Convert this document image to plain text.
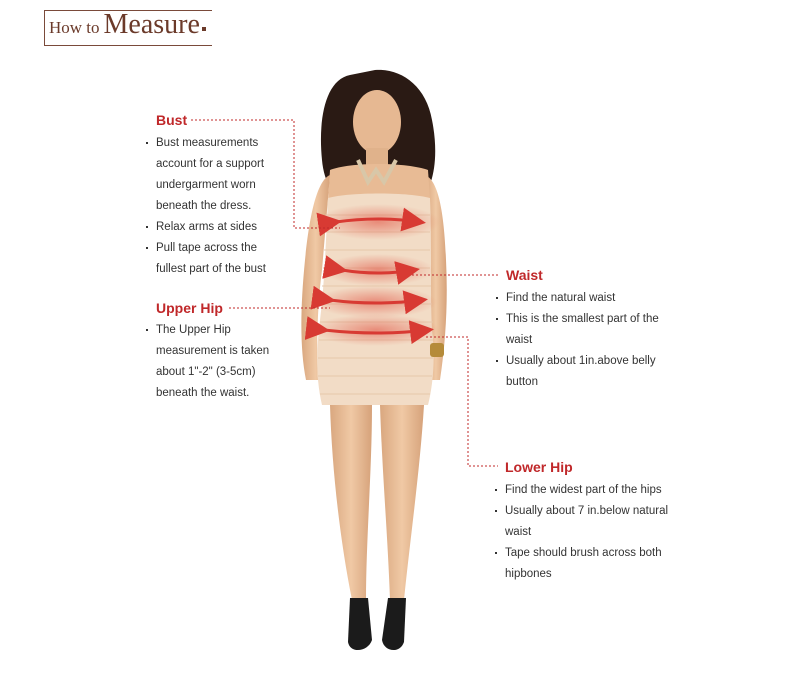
How to Measure
Bust
Bust measurements account for a support undergarment worn beneath the dress.
Relax arms at sides
Pull tape across the fullest part of the bust
Upper Hip
The Upper Hip measurement is taken about 1"-2" (3-5cm) beneath the waist.
Waist
Find the natural waist
This is the smallest part of the waist
Usually about 1in.above belly button
Lower Hip
Find the widest part of the hips
Usually about 7 in.below natural waist
Tape should brush across both hipbones
